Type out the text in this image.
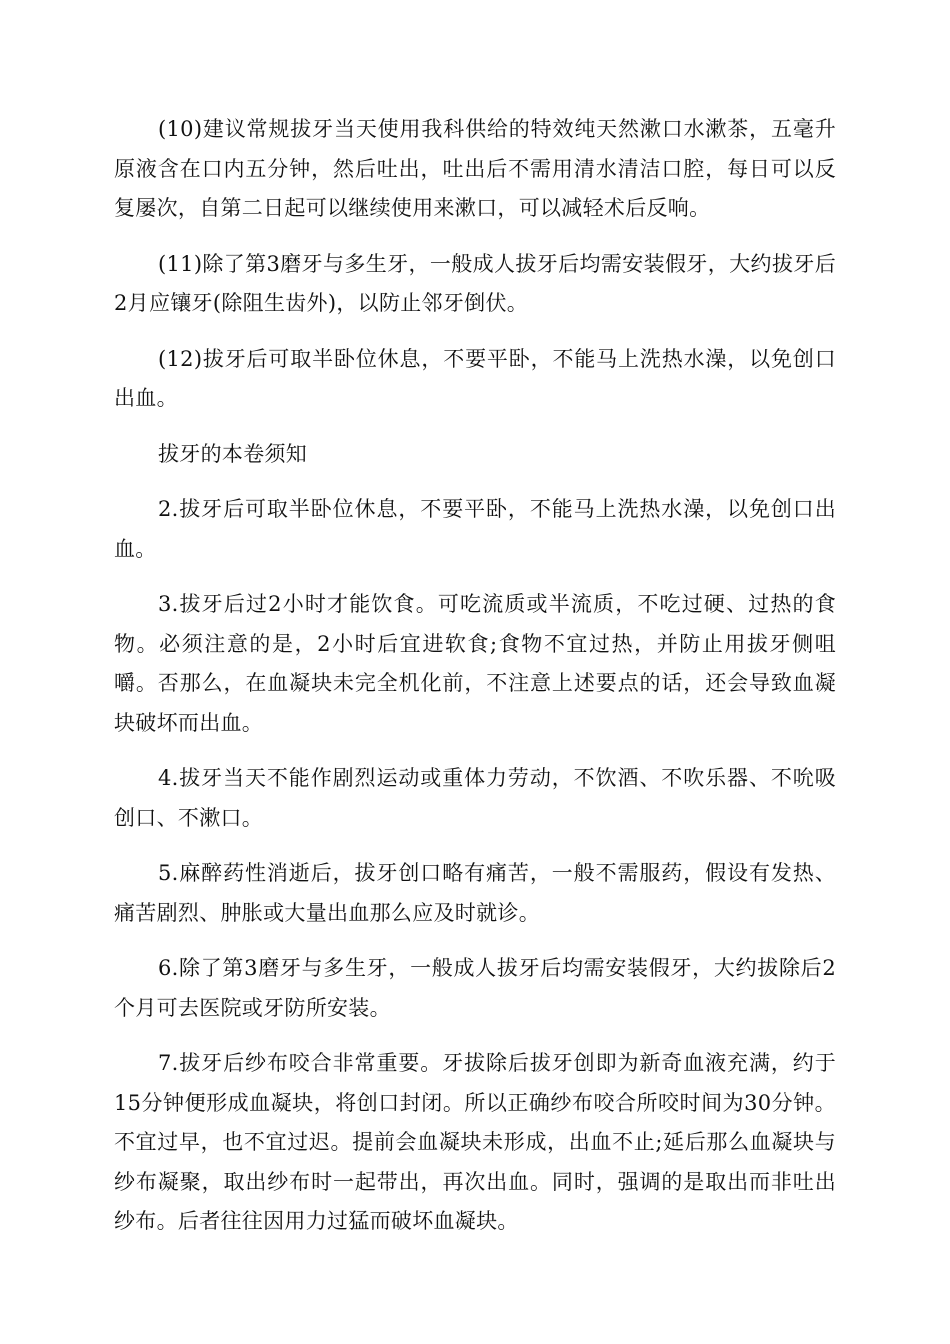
(10)建议常规拔牙当天使用我科供给的特效纯天然漱口水漱茶，五毫升原液含在口内五分钟，然后吐出，吐出后不需用清水清洁口腔，每日可以反复屡次，自第二日起可以继续使用来漱口，可以减轻术后反响。

(11)除了第3磨牙与多生牙，一般成人拔牙后均需安装假牙，大约拔牙后2月应镶牙(除阻生齿外)，以防止邻牙倒伏。

(12)拔牙后可取半卧位休息，不要平卧，不能马上洗热水澡，以免创口出血。

拔牙的本卷须知

2.拔牙后可取半卧位休息，不要平卧，不能马上洗热水澡，以免创口出血。

3.拔牙后过2小时才能饮食。可吃流质或半流质，不吃过硬、过热的食物。必须注意的是，2小时后宜进软食;食物不宜过热，并防止用拔牙侧咀嚼。否那么，在血凝块未完全机化前，不注意上述要点的话，还会导致血凝块破坏而出血。

4.拔牙当天不能作剧烈运动或重体力劳动，不饮酒、不吹乐器、不吮吸创口、不漱口。

5.麻醉药性消逝后，拔牙创口略有痛苦，一般不需服药，假设有发热、痛苦剧烈、肿胀或大量出血那么应及时就诊。

6.除了第3磨牙与多生牙，一般成人拔牙后均需安装假牙，大约拔除后2个月可去医院或牙防所安装。

7.拔牙后纱布咬合非常重要。牙拔除后拔牙创即为新奇血液充满，约于15分钟便形成血凝块，将创口封闭。所以正确纱布咬合所咬时间为30分钟。不宜过早，也不宜过迟。提前会血凝块未形成，出血不止;延后那么血凝块与纱布凝聚，取出纱布时一起带出，再次出血。同时，强调的是取出而非吐出纱布。后者往往因用力过猛而破坏血凝块。
